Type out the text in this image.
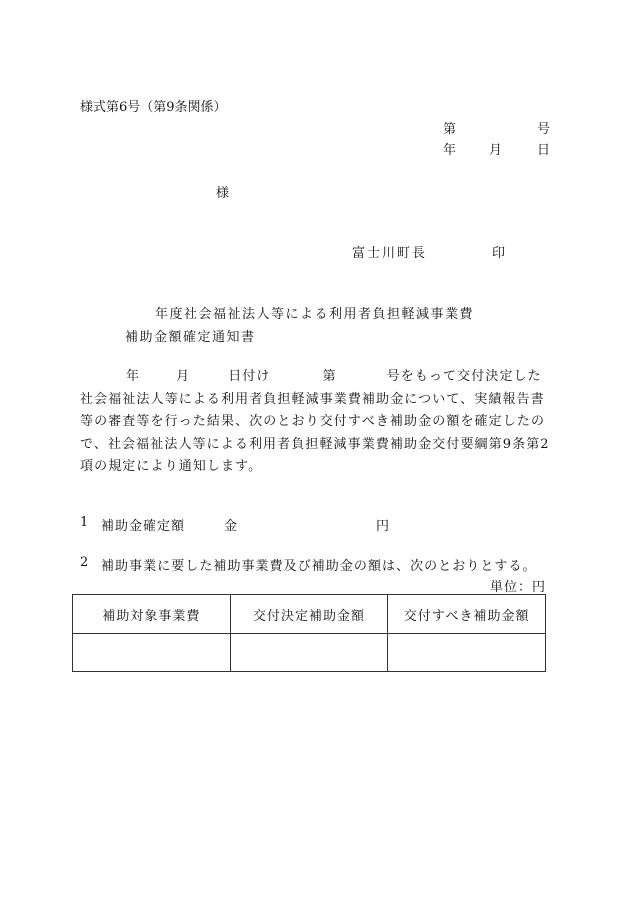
様式第6号（第9条関係）
第	号
年	月	日
様
富士川町長	印
年度社会福祉法人等による利用者負担軽減事業費
補助金額確定通知書
年	月	日付け	第	号をもって交付決定した社会福祉法人等による利用者負担軽減事業費補助金について、実績報告書等の審査等を行った結果、次のとおり交付すべき補助金の額を確定したので、社会福祉法人等による利用者負担軽減事業費補助金交付要綱第9条第2項の規定により通知します。
1 補助金確定額	金	円
2 補助事業に要した補助事業費及び補助金の額は、次のとおりとする。
単位：円
補助対象事業費	交付決定補助金額	交付すべき補助金額
